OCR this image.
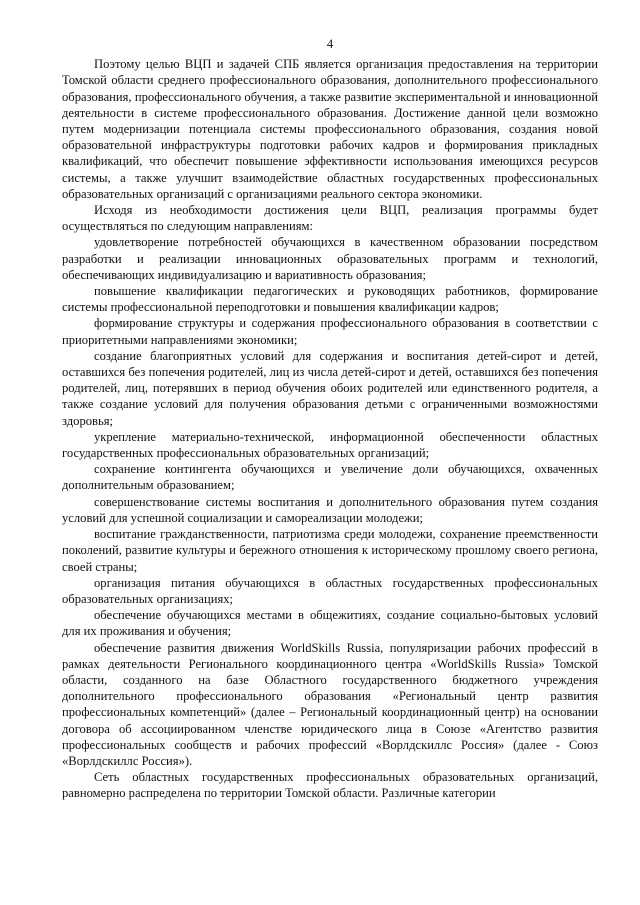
4

Поэтому целью ВЦП и задачей СПБ является организация предоставления на территории Томской области среднего профессионального образования, дополнительного профессионального образования, профессионального обучения, а также развитие экспериментальной и инновационной деятельности в системе профессионального образования. Достижение данной цели возможно путем модернизации потенциала системы профессионального образования, создания новой образовательной инфраструктуры подготовки рабочих кадров и формирования прикладных квалификаций, что обеспечит повышение эффективности использования имеющихся ресурсов системы, а также улучшит взаимодействие областных государственных профессиональных образовательных организаций с организациями реального сектора экономики.

Исходя из необходимости достижения цели ВЦП, реализация программы будет осуществляться по следующим направлениям:

удовлетворение потребностей обучающихся в качественном образовании посредством разработки и реализации инновационных образовательных программ и технологий, обеспечивающих индивидуализацию и вариативность образования;

повышение квалификации педагогических и руководящих работников, формирование системы профессиональной переподготовки и повышения квалификации кадров;

формирование структуры и содержания профессионального образования в соответствии с приоритетными направлениями экономики;

создание благоприятных условий для содержания и воспитания детей-сирот и детей, оставшихся без попечения родителей, лиц из числа детей-сирот и детей, оставшихся без попечения родителей, лиц, потерявших в период обучения обоих родителей или единственного родителя, а также создание условий для получения образования детьми с ограниченными возможностями здоровья;

укрепление материально-технической, информационной обеспеченности областных государственных профессиональных образовательных организаций;

сохранение контингента обучающихся и увеличение доли обучающихся, охваченных дополнительным образованием;

совершенствование системы воспитания и дополнительного образования путем создания условий для успешной социализации и самореализации молодежи;

воспитание гражданственности, патриотизма среди молодежи, сохранение преемственности поколений, развитие культуры и бережного отношения к историческому прошлому своего региона, своей страны;

организация питания обучающихся в областных государственных профессиональных образовательных организациях;

обеспечение обучающихся местами в общежитиях, создание социально-бытовых условий для их проживания и обучения;

обеспечение развития движения WorldSkills Russia, популяризации рабочих профессий в рамках деятельности Регионального координационного центра «WorldSkills Russia» Томской области, созданного на базе Областного государственного бюджетного учреждения дополнительного профессионального образования «Региональный центр развития профессиональных компетенций» (далее – Региональный координационный центр) на основании договора об ассоциированном членстве юридического лица в Союзе «Агентство развития профессиональных сообществ и рабочих профессий «Ворлдскиллс Россия» (далее - Союз «Ворлдскиллс Россия»).

Сеть областных государственных профессиональных образовательных организаций, равномерно распределена по территории Томской области. Различные категории
